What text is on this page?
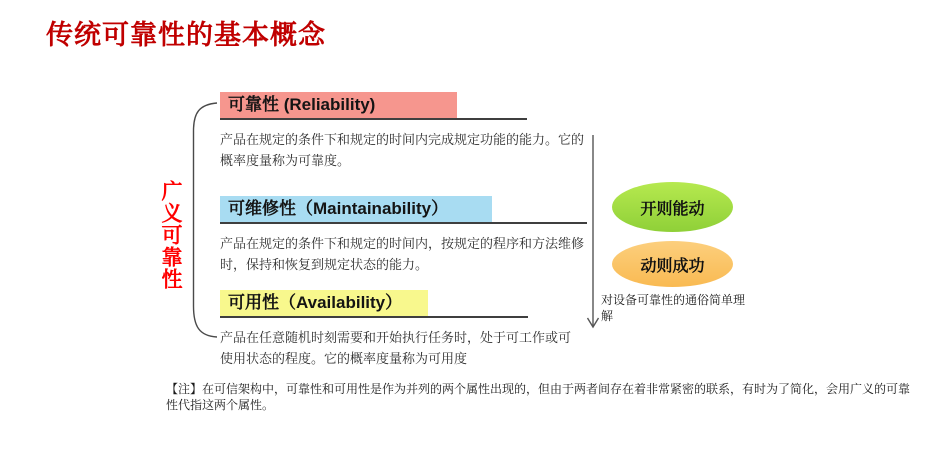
传统可靠性的基本概念
广义可靠性
可靠性 (Reliability)

产品在规定的条件下和规定的时间内完成规定功能的能力。它的概率度量称为可靠度。

可维修性（Maintainability）

产品在规定的条件下和规定的时间内，按规定的程序和方法维修时，保持和恢复到规定状态的能力。

可用性（Availability）

产品在任意随机时刻需要和开始执行任务时，处于可工作或可使用状态的程度。它的概率度量称为可用度

开则能动
动则成功
对设备可靠性的通俗简单理解
【注】在可信架构中，可靠性和可用性是作为并列的两个属性出现的，但由于两者间存在着非常紧密的联系，有时为了简化，会用广义的可靠性代指这两个属性。
